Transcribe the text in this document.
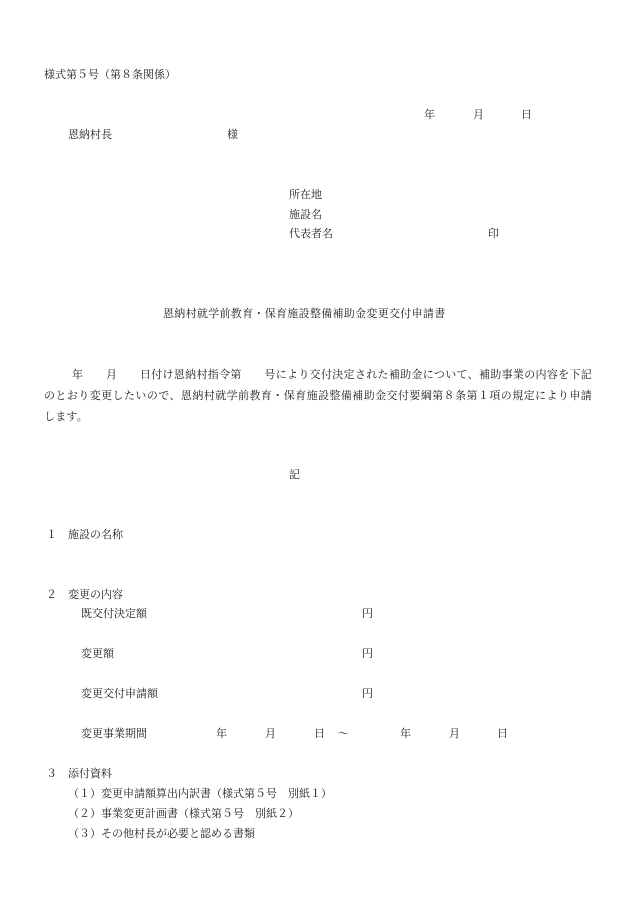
様式第５号（第８条関係）
年	月	日
恩納村長	様
所在地
施設名
代表者名	印
恩納村就学前教育・保育施設整備補助金変更交付申請書
年　　月　　日付け恩納村指令第　　号により交付決定された補助金について、補助事業の内容を下記のとおり変更したいので、恩納村就学前教育・保育施設整備補助金交付要綱第８条第１項の規定により申請します。
記
１ 施設の名称
２ 変更の内容
既交付決定額	円
変更額	円
変更交付申請額	円
変更事業期間	年	月	日 ～	年	月	日
３ 添付資料
（１）変更申請額算出内訳書（様式第５号　別紙１）
（２）事業変更計画書（様式第５号　別紙２）
（３）その他村長が必要と認める書類
